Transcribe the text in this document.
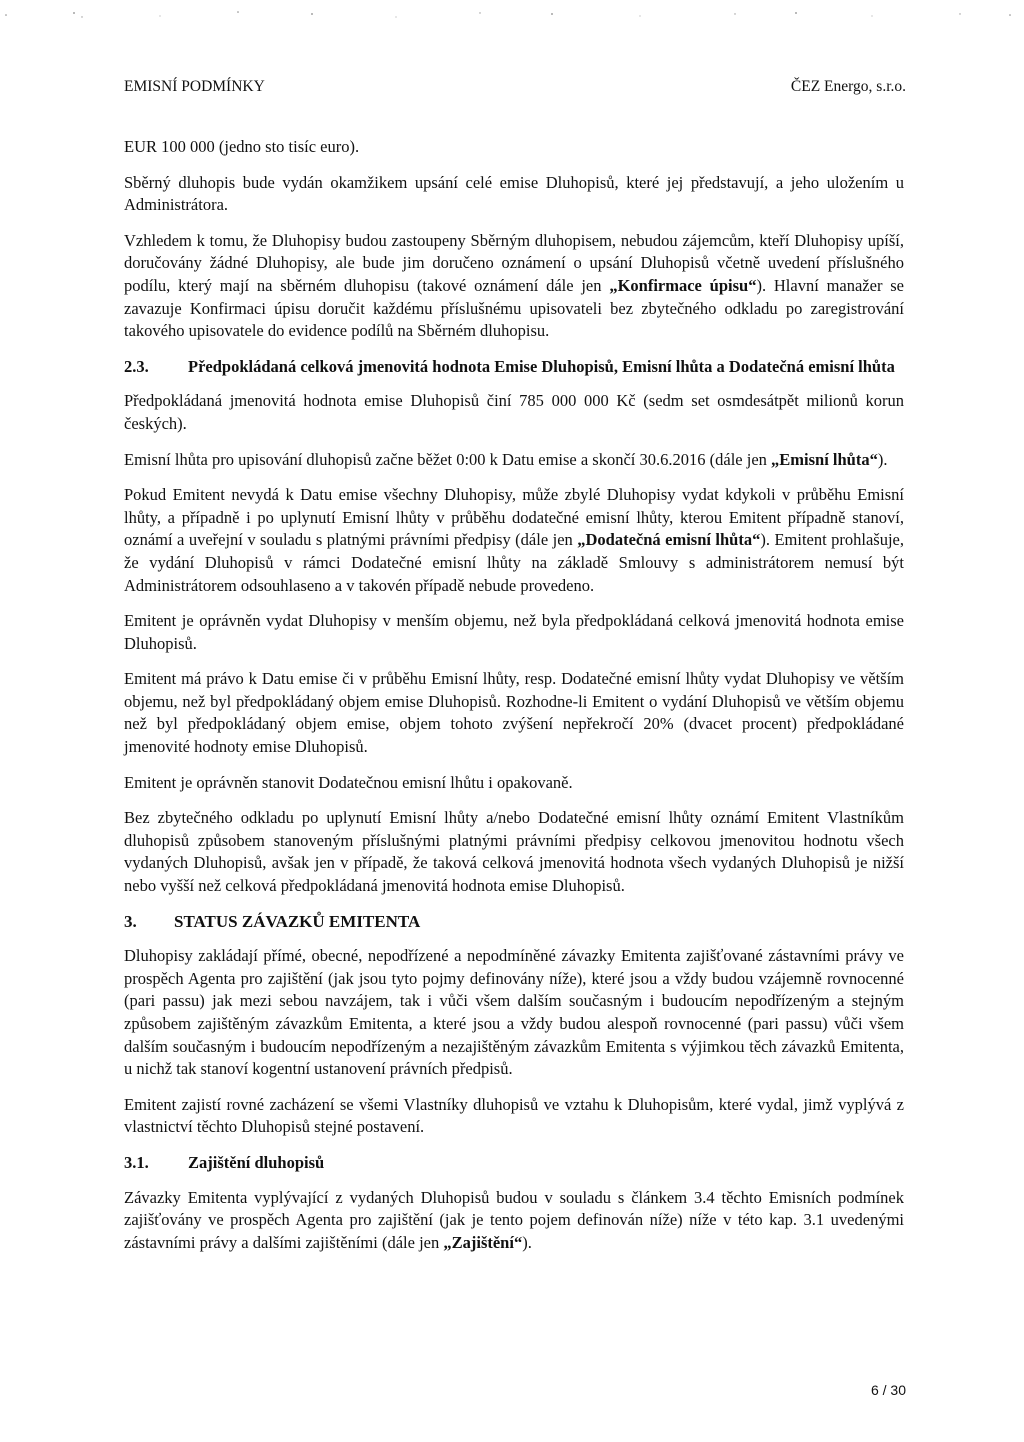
EMISNÍ PODMÍNKY	ČEZ Energo, s.r.o.

EUR 100 000 (jedno sto tisíc euro).

Sběrný dluhopis bude vydán okamžikem upsání celé emise Dluhopisů, které jej představují, a jeho uložením u Administrátora.

Vzhledem k tomu, že Dluhopisy budou zastoupeny Sběrným dluhopisem, nebudou zájemcům, kteří Dluhopisy upíší, doručovány žádné Dluhopisy, ale bude jim doručeno oznámení o upsání Dluhopisů včetně uvedení příslušného podílu, který mají na sběrném dluhopisu (takové oznámení dále jen „Konfirmace úpisu“). Hlavní manažer se zavazuje Konfirmaci úpisu doručit každému příslušnému upisovateli bez zbytečného odkladu po zaregistrování takového upisovatele do evidence podílů na Sběrném dluhopisu.

2.3.	Předpokládaná celková jmenovitá hodnota Emise Dluhopisů, Emisní lhůta a Dodatečná emisní lhůta

Předpokládaná jmenovitá hodnota emise Dluhopisů činí 785 000 000 Kč (sedm set osmdesátpět milionů korun českých).

Emisní lhůta pro upisování dluhopisů začne běžet 0:00 k Datu emise a skončí 30.6.2016 (dále jen „Emisní lhůta“).

Pokud Emitent nevydá k Datu emise všechny Dluhopisy, může zbylé Dluhopisy vydat kdykoli v průběhu Emisní lhůty, a případně i po uplynutí Emisní lhůty v průběhu dodatečné emisní lhůty, kterou Emitent případně stanoví, oznámí a uveřejní v souladu s platnými právními předpisy (dále jen „Dodatečná emisní lhůta“). Emitent prohlašuje, že vydání Dluhopisů v rámci Dodatečné emisní lhůty na základě Smlouvy s administrátorem nemusí být Administrátorem odsouhlaseno a v takovén případě nebude provedeno.

Emitent je oprávněn vydat Dluhopisy v menším objemu, než byla předpokládaná celková jmenovitá hodnota emise Dluhopisů.

Emitent má právo k Datu emise či v průběhu Emisní lhůty, resp. Dodatečné emisní lhůty vydat Dluhopisy ve větším objemu, než byl předpokládaný objem emise Dluhopisů. Rozhodne-li Emitent o vydání Dluhopisů ve větším objemu než byl předpokládaný objem emise, objem tohoto zvýšení nepřekročí 20% (dvacet procent) předpokládané jmenovité hodnoty emise Dluhopisů.

Emitent je oprávněn stanovit Dodatečnou emisní lhůtu i opakovaně.

Bez zbytečného odkladu po uplynutí Emisní lhůty a/nebo Dodatečné emisní lhůty oznámí Emitent Vlastníkům dluhopisů způsobem stanoveným příslušnými platnými právními předpisy celkovou jmenovitou hodnotu všech vydaných Dluhopisů, avšak jen v případě, že taková celková jmenovitá hodnota všech vydaných Dluhopisů je nižší nebo vyšší než celková předpokládaná jmenovitá hodnota emise Dluhopisů.

3.	STATUS ZÁVAZKŮ EMITENTA

Dluhopisy zakládají přímé, obecné, nepodřízené a nepodmíněné závazky Emitenta zajišťované zástavními právy ve prospěch Agenta pro zajištění (jak jsou tyto pojmy definovány níže), které jsou a vždy budou vzájemně rovnocenné (pari passu) jak mezi sebou navzájem, tak i vůči všem dalším současným i budoucím nepodřízeným a stejným způsobem zajištěným závazkům Emitenta, a které jsou a vždy budou alespoň rovnocenné (pari passu) vůči všem dalším současným i budoucím nepodřízeným a nezajištěným závazkům Emitenta s výjimkou těch závazků Emitenta, u nichž tak stanoví kogentní ustanovení právních předpisů.

Emitent zajistí rovné zacházení se všemi Vlastníky dluhopisů ve vztahu k Dluhopisům, které vydal, jimž vyplývá z vlastnictví těchto Dluhopisů stejné postavení.

3.1.	Zajištění dluhopisů

Závazky Emitenta vyplývající z vydaných Dluhopisů budou v souladu s článkem 3.4 těchto Emisních podmínek zajišťovány ve prospěch Agenta pro zajištění (jak je tento pojem definován níže) níže v této kap. 3.1 uvedenými zástavními právy a dalšími zajištěními (dále jen „Zajištění“).

6 / 30
